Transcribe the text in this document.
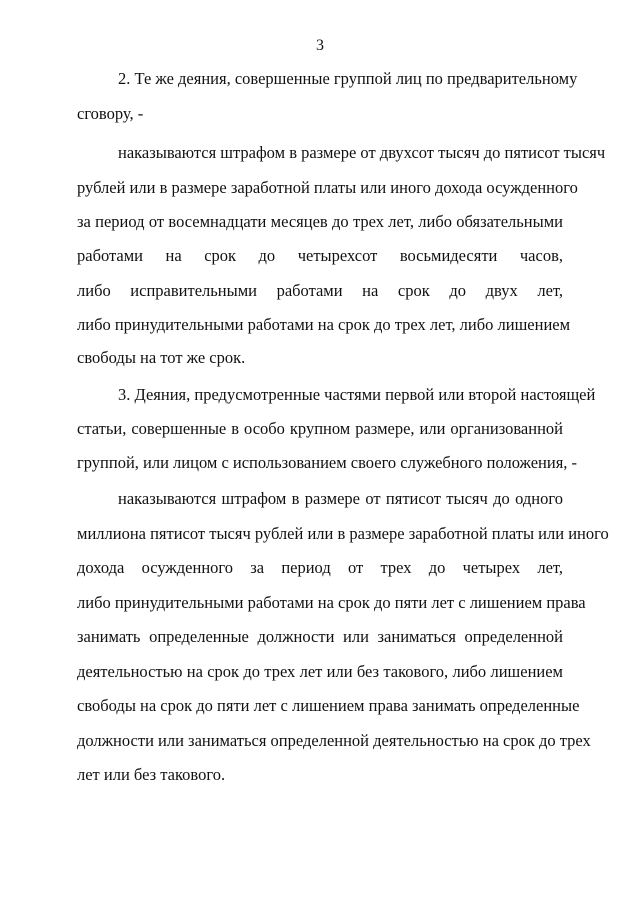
3
2. Те же деяния, совершенные группой лиц по предварительному
сговору, -
наказываются штрафом в размере от двухсот тысяч до пятисот тысяч
рублей или в размере заработной платы или иного дохода осужденного
за период от восемнадцати месяцев до трех лет, либо обязательными
работами на срок до четырехсот восьмидесяти часов,
либо исправительными работами на срок до двух лет,
либо принудительными работами на срок до трех лет, либо лишением
свободы на тот же срок.
3. Деяния, предусмотренные частями первой или второй настоящей
статьи, совершенные в особо крупном размере, или организованной
группой, или лицом с использованием своего служебного положения, -
наказываются штрафом в размере от пятисот тысяч до одного
миллиона пятисот тысяч рублей или в размере заработной платы или иного
дохода осужденного за период от трех до четырех лет,
либо принудительными работами на срок до пяти лет с лишением права
занимать определенные должности или заниматься определенной
деятельностью на срок до трех лет или без такового, либо лишением
свободы на срок до пяти лет с лишением права занимать определенные
должности или заниматься определенной деятельностью на срок до трех
лет или без такового.
